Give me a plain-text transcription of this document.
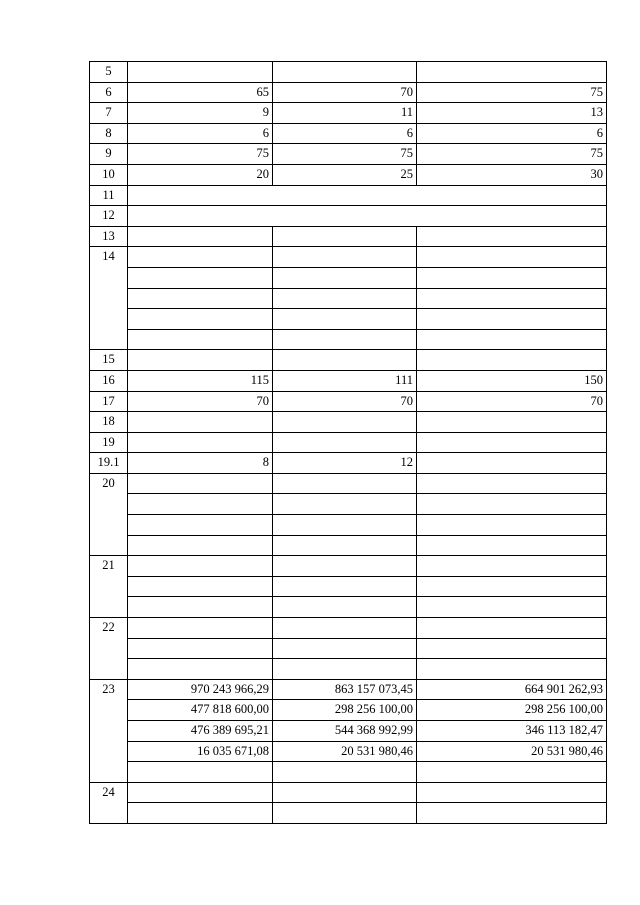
5			
6	65	70	75
7	9	11	13
8	6	6	6
9	75	75	75
10	20	25	30
11			
12			
13			
14			

15			
16	115	111	150
17	70	70	70
18			
19			
19.1	8	12	
20			

21			

22			

23	970 243 966,29	863 157 073,45	664 901 262,93
	477 818 600,00	298 256 100,00	298 256 100,00
	476 389 695,21	544 368 992,99	346 113 182,47
	16 035 671,08	20 531 980,46	20 531 980,46

24			
